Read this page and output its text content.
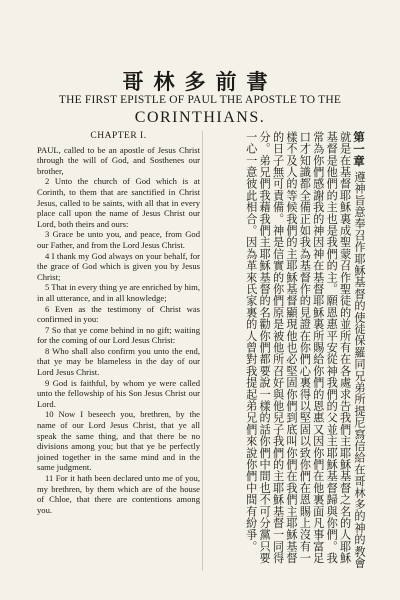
哥林多前書
THE FIRST EPISTLE OF PAUL THE APOSTLE TO THE
CORINTHIANS.
CHAPTER I.
PAUL, called to be an apostle of Jesus Christ through the will of God, and Sosthenes our brother,
2 Unto the church of God which is at Corinth, to them that are sanctified in Christ Jesus, called to be saints, with all that in every place call upon the name of Jesus Christ our Lord, both theirs and ours:
3 Grace be unto you, and peace, from God our Father, and from the Lord Jesus Christ.
4 I thank my God always on your behalf, for the grace of God which is given you by Jesus Christ;
5 That in every thing ye are enriched by him, in all utterance, and in all knowledge;
6 Even as the testimony of Christ was confirmed in you:
7 So that ye come behind in no gift; waiting for the coming of our Lord Jesus Christ:
8 Who shall also confirm you unto the end, that ye may be blameless in the day of our Lord Jesus Christ.
9 God is faithful, by whom ye were called unto the fellowship of his Son Jesus Christ our Lord.
10 Now I beseech you, brethren, by the name of our Lord Jesus Christ, that ye all speak the same thing, and that there be no divisions among you; but that ye be perfectly joined together in the same mind and in the same judgment.
11 For it hath been declared unto me of you, my brethren, by them which are of the house of Chloe, that there are contentions among you.
第一章 遵神旨意奉召作耶穌基督的使徒保羅同兄弟所提尼寫信給在哥林多的神的教會就是在基督耶穌裏成聖蒙召作聖徒的並所有在各處求告我們主耶穌基督之名的人耶穌基督是他們的主也是我們的主。願恩惠平安從神我們的父並主耶穌基督歸與你們。我常為你們感謝我的神因神在基督耶穌裏所賜給你們的恩惠又因你們在他裏面凡事富足口才知識都全備正如我為基督作的見證在你們心裏得以堅固以致你們在恩賜上沒有一樣不及人的等候我們的主耶穌基督顯現他也必堅固你們到底叫你們在我們主耶穌基督的日子無可責備。神是信實的你們原是被他所召好與他兒子我們的主耶穌基督一同得分。弟兄們我藉我們主耶穌基督的名勸你們都要說一樣的話你們中間也不可分黨只要一心一意彼此相合。因為革來氏家裏的人曾對我提起弟兄們來說你們中間有紛爭。
